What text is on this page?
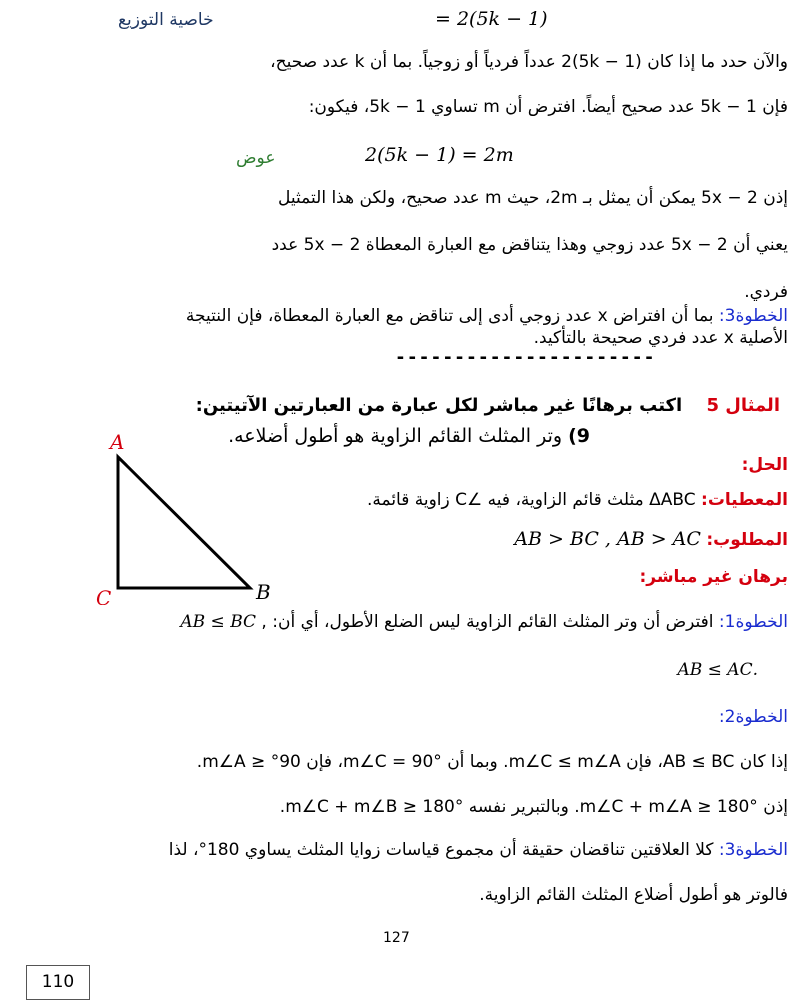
خاصية التوزيع	= 2(5k − 1)
والآن حدد ما إذا كان (1 − 5k)2 عدداً فردياً أو زوجياً. بما أن k عدد صحيح،
فإن 1 − 5k عدد صحيح أيضاً. افترض أن m تساوي 1 − 5k، فيكون:
عوض	2(5k − 1) = 2m
إذن 2 − 5x يمكن أن يمثل بـ 2m، حيث m عدد صحيح، ولكن هذا التمثيل
يعني أن 2 − 5x عدد زوجي وهذا يتناقض مع العبارة المعطاة 2 − 5x عدد
فردي.
الخطوة3: بما أن افتراض x عدد زوجي أدى إلى تناقض مع العبارة المعطاة، فإن النتيجة
الأصلية x عدد فردي صحيحة بالتأكيد.
----------------------
المثال 5 اكتب برهانًا غير مباشر لكل عبارة من العبارتين الآتيتين:
9) وتر المثلث القائم الزاوية هو أطول أضلاعه.
الحل:
المعطيات: ΔABC مثلث قائم الزاوية، فيه ∠C زاوية قائمة.
المطلوب: AB > BC , AB > AC
برهان غير مباشر:
A
C	B
الخطوة1: افترض أن وتر المثلث القائم الزاوية ليس الضلع الأطول، أي أن: , AB ≤ BC
.AB ≤ AC
الخطوة2:
إذا كان AB ≤ BC، فإن m∠C ≤ m∠A. وبما أن m∠C = 90°، فإن 90° ≤ m∠A.
إذن m∠C + m∠A ≥ 180°. وبالتبرير نفسه m∠C + m∠B ≥ 180°.
الخطوة3: كلا العلاقتين تناقضان حقيقة أن مجموع قياسات زوايا المثلث يساوي 180°، لذا
فالوتر هو أطول أضلاع المثلث القائم الزاوية.
127
110
